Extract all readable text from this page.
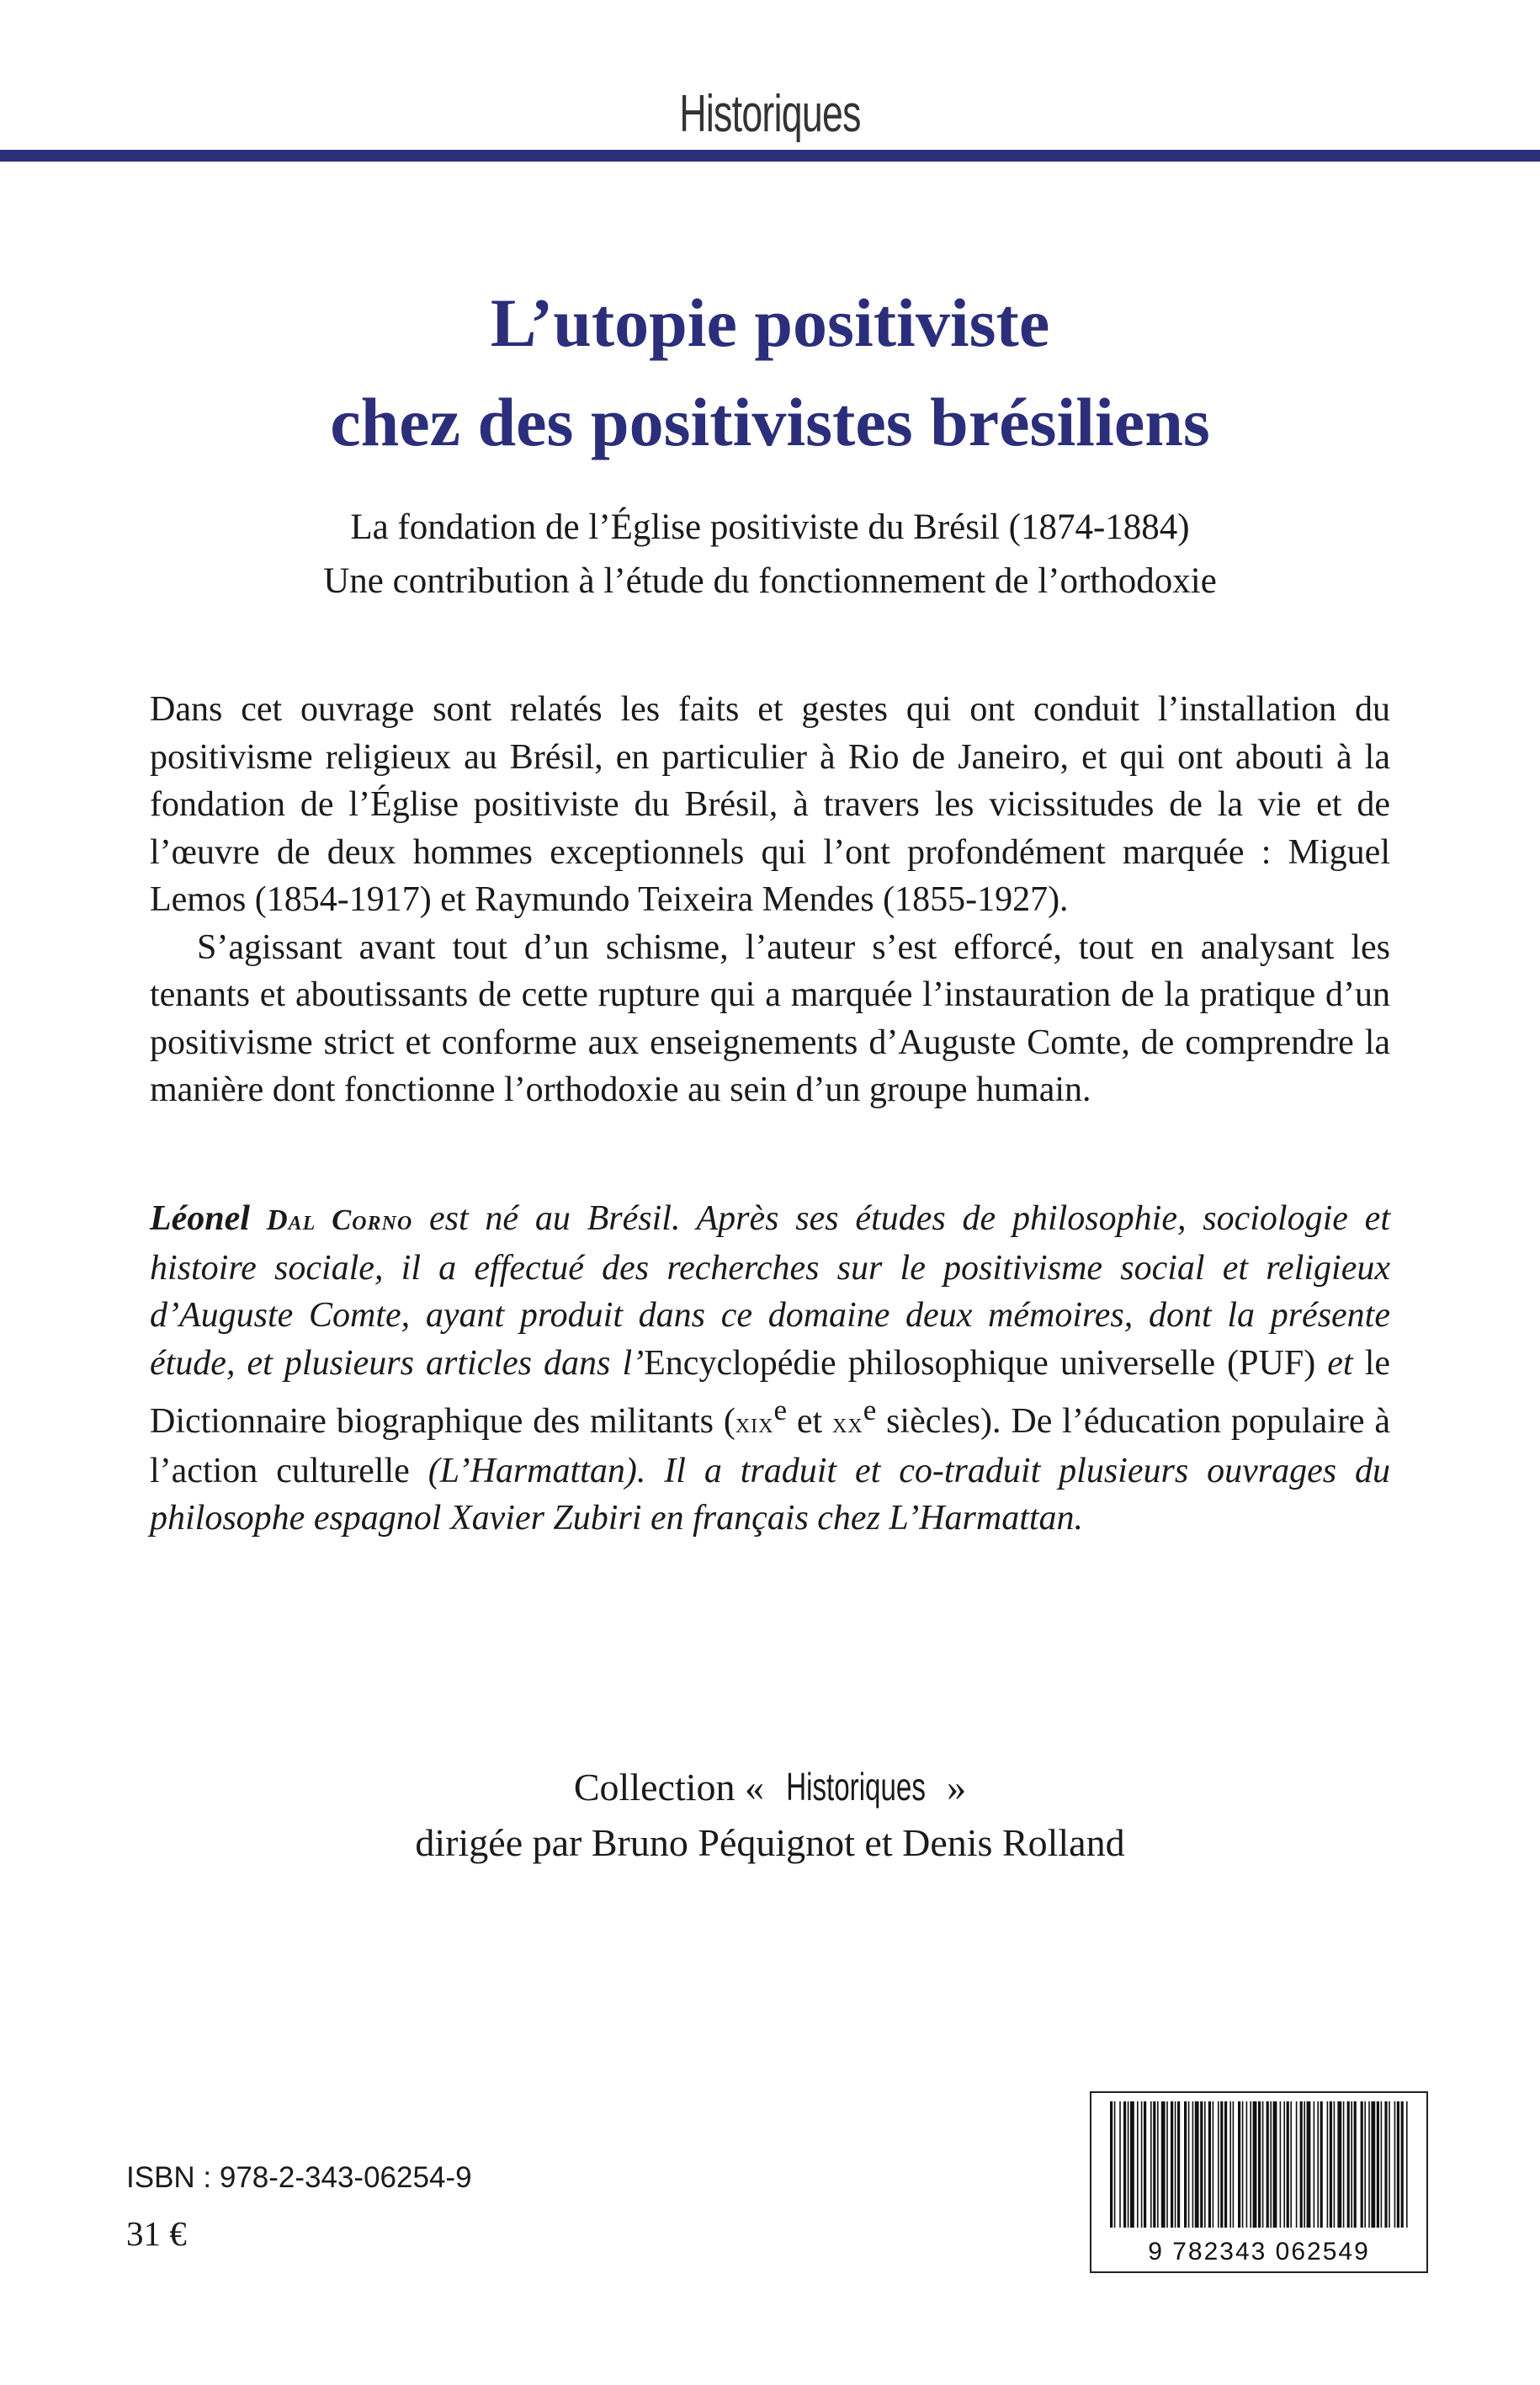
Historiques
L’utopie positiviste
chez des positivistes brésiliens
La fondation de l’Église positiviste du Brésil (1874-1884)
Une contribution à l’étude du fonctionnement de l’orthodoxie

Dans cet ouvrage sont relatés les faits et gestes qui ont conduit l’installation du positivisme religieux au Brésil, en particulier à Rio de Janeiro, et qui ont abouti à la fondation de l’Église positiviste du Brésil, à travers les vicissitudes de la vie et de l’œuvre de deux hommes exceptionnels qui l’ont profondément marquée : Miguel Lemos (1854-1917) et Raymundo Teixeira Mendes (1855-1927).

S’agissant avant tout d’un schisme, l’auteur s’est efforcé, tout en analysant les tenants et aboutissants de cette rupture qui a marquée l’instauration de la pratique d’un positivisme strict et conforme aux enseignements d’Auguste Comte, de comprendre la manière dont fonctionne l’orthodoxie au sein d’un groupe humain.

Léonel Dal Corno est né au Brésil. Après ses études de philosophie, sociologie et histoire sociale, il a effectué des recherches sur le positivisme social et religieux d’Auguste Comte, ayant produit dans ce domaine deux mémoires, dont la présente étude, et plusieurs articles dans l’Encyclopédie philosophique universelle (PUF) et le Dictionnaire biographique des militants (xix$^e$ et $xx^e$ siècles). De l’éducation populaire à l’action culturelle (L’Harmattan). Il a traduit et co-traduit plusieurs ouvrages du philosophe espagnol Xavier Zubiri en français chez L’Harmattan.
Collection « Historiques »
dirigée par Bruno Péquignot et Denis Rolland
ISBN : 978-2-343-06254-9
31 €	9 782343 062549
